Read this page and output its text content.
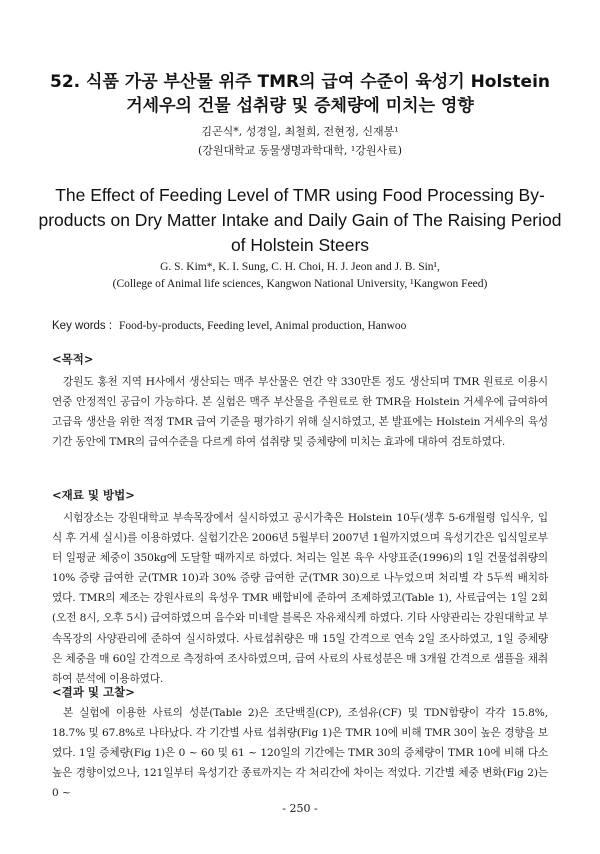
52. 식품 가공 부산물 위주 TMR의 급여 수준이 육성기 Holstein 거세우의 건물 섭취량 및 증체량에 미치는 영향
김곤식*, 성경일, 최철희, 전현정, 신재봉¹
(강원대학교 동물생명과학대학, ¹강원사료)
The Effect of Feeding Level of TMR using Food Processing By-products on Dry Matter Intake and Daily Gain of The Raising Period of Holstein Steers
G. S. Kim*, K. I. Sung, C. H. Choi, H. J. Jeon and J. B. Sin¹,
(College of Animal life sciences, Kangwon National University, ¹Kangwon Feed)
Key words : Food-by-products, Feeding level, Animal production, Hanwoo
<목적>
강원도 홍천 지역 H사에서 생산되는 맥주 부산물은 연간 약 330만톤 정도 생산되며 TMR 원료로 이용시 연중 안정적인 공급이 가능하다. 본 실험은 맥주 부산물을 주원료로 한 TMR을 Holstein 거세우에 급여하여 고급육 생산을 위한 적정 TMR 급여 기준을 평가하기 위해 실시하였고, 본 발표에는 Holstein 거세우의 육성기간 동안에 TMR의 급여수준을 다르게 하여 섭취량 및 증체량에 미치는 효과에 대하여 검토하였다.
<재료 및 방법>
시험장소는 강원대학교 부속목장에서 실시하였고 공시가축은 Holstein 10두(생후 5-6개월령 입식우, 입식 후 거세 실시)를 이용하였다. 실험기간은 2006년 5월부터 2007년 1월까지였으며 육성기간은 입식일로부터 일평균 체중이 350kg에 도달할 때까지로 하였다. 처리는 일본 육우 사양표준(1996)의 1일 건물섭취량의 10% 증량 급여한 군(TMR 10)과 30% 증량 급여한 군(TMR 30)으로 나누었으며 처리별 각 5두씩 배치하였다. TMR의 제조는 강원사료의 육성우 TMR 배합비에 준하여 조제하였고(Table 1), 사료급여는 1일 2회(오전 8시, 오후 5시) 급여하였으며 음수와 미네랄 블록은 자유채식케 하였다. 기타 사양관리는 강원대학교 부속목장의 사양관리에 준하여 실시하였다. 사료섭취량은 매 15일 간격으로 연속 2일 조사하였고, 1일 증체량은 체중을 매 60일 간격으로 측정하여 조사하였으며, 급여 사료의 사료성분은 매 3개월 간격으로 샘플을 채취하여 분석에 이용하였다.
<결과 및 고찰>
본 실험에 이용한 사료의 성분(Table 2)은 조단백질(CP), 조섬유(CF) 및 TDN함량이 각각 15.8%, 18.7% 및 67.8%로 나타났다. 각 기간별 사료 섭취량(Fig 1)은 TMR 10에 비해 TMR 30이 높은 경향을 보였다. 1일 증체량(Fig 1)은 0 ~ 60 및 61 ~ 120일의 기간에는 TMR 30의 증체량이 TMR 10에 비해 다소 높은 경향이었으나, 121일부터 육성기간 종료까지는 각 처리간에 차이는 적었다. 기간별 체중 변화(Fig 2)는 0 ~
- 250 -
